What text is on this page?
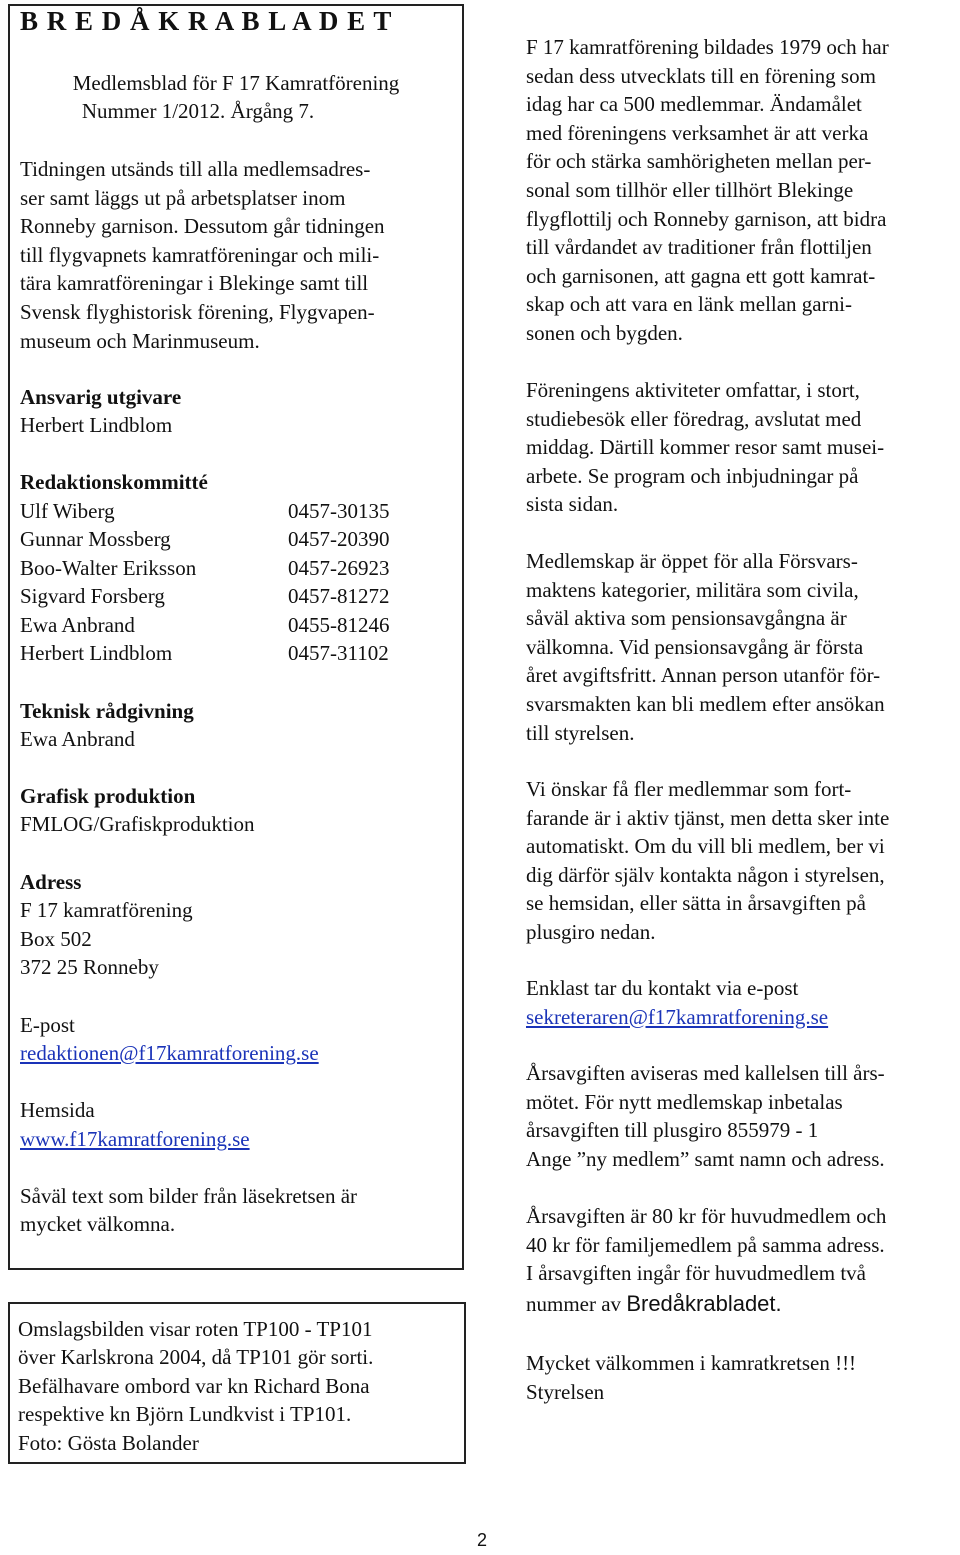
B R E D Å K R A B L A D E T
Medlemsblad för F 17 Kamratförening
Nummer 1/2012. Årgång 7.
Tidningen utsänds till alla medlemsadres-
ser samt läggs ut på arbetsplatser inom
Ronneby garnison. Dessutom går tidningen
till flygvapnets kamratföreningar och mili-
tära kamratföreningar i Blekinge samt till
Svensk flyghistorisk förening, Flygvapen-
museum och Marinmuseum.
Ansvarig utgivare
Herbert Lindblom
Redaktionskommitté
Ulf Wiberg	0457-30135
Gunnar Mossberg	0457-20390
Boo-Walter Eriksson	0457-26923
Sigvard Forsberg	0457-81272
Ewa Anbrand	0455-81246
Herbert Lindblom	0457-31102
Teknisk rådgivning
Ewa Anbrand
Grafisk produktion
FMLOG/Grafiskproduktion
Adress
F 17 kamratförening
Box 502
372 25 Ronneby
E-post
redaktionen@f17kamratforening.se
Hemsida
www.f17kamratforening.se
Såväl text som bilder från läsekretsen är
mycket välkomna.
Omslagsbilden visar roten TP100 - TP101
över Karlskrona 2004, då TP101 gör sorti.
Befälhavare ombord var kn Richard Bona
respektive kn Björn Lundkvist i TP101.
Foto: Gösta Bolander
F 17 kamratförening bildades 1979 och har
sedan dess utvecklats till en förening som
idag har ca 500 medlemmar. Ändamålet
med föreningens verksamhet är att verka
för och stärka samhörigheten mellan per-
sonal som tillhör eller tillhört Blekinge
flygflottilj och Ronneby garnison, att bidra
till vårdandet av traditioner från flottiljen
och garnisonen, att gagna ett gott kamrat-
skap och att vara en länk mellan garni-
sonen och bygden.
Föreningens aktiviteter omfattar, i stort,
studiebesök eller föredrag, avslutat med
middag. Därtill kommer resor samt musei-
arbete. Se program och inbjudningar på
sista sidan.
Medlemskap är öppet för alla Försvars-
maktens kategorier, militära som civila,
såväl aktiva som pensionsavgångna är
välkomna. Vid pensionsavgång är första
året avgiftsfritt. Annan person utanför för-
svarsmakten kan bli medlem efter ansökan
till styrelsen.
Vi önskar få fler medlemmar som fort-
farande är i aktiv tjänst, men detta sker inte
automatiskt. Om du vill bli medlem, ber vi
dig därför själv kontakta någon i styrelsen,
se hemsidan, eller sätta in årsavgiften på
plusgiro nedan.
Enklast tar du kontakt via e-post
sekreteraren@f17kamratforening.se
Årsavgiften aviseras med kallelsen till års-
mötet. För nytt medlemskap inbetalas
årsavgiften till plusgiro 855979 - 1
Ange ”ny medlem” samt namn och adress.
Årsavgiften är 80 kr för huvudmedlem och
40 kr för familjemedlem på samma adress.
I årsavgiften ingår för huvudmedlem två
nummer av Bredåkrabladet.
Mycket välkommen i kamratkretsen !!!
Styrelsen
2
